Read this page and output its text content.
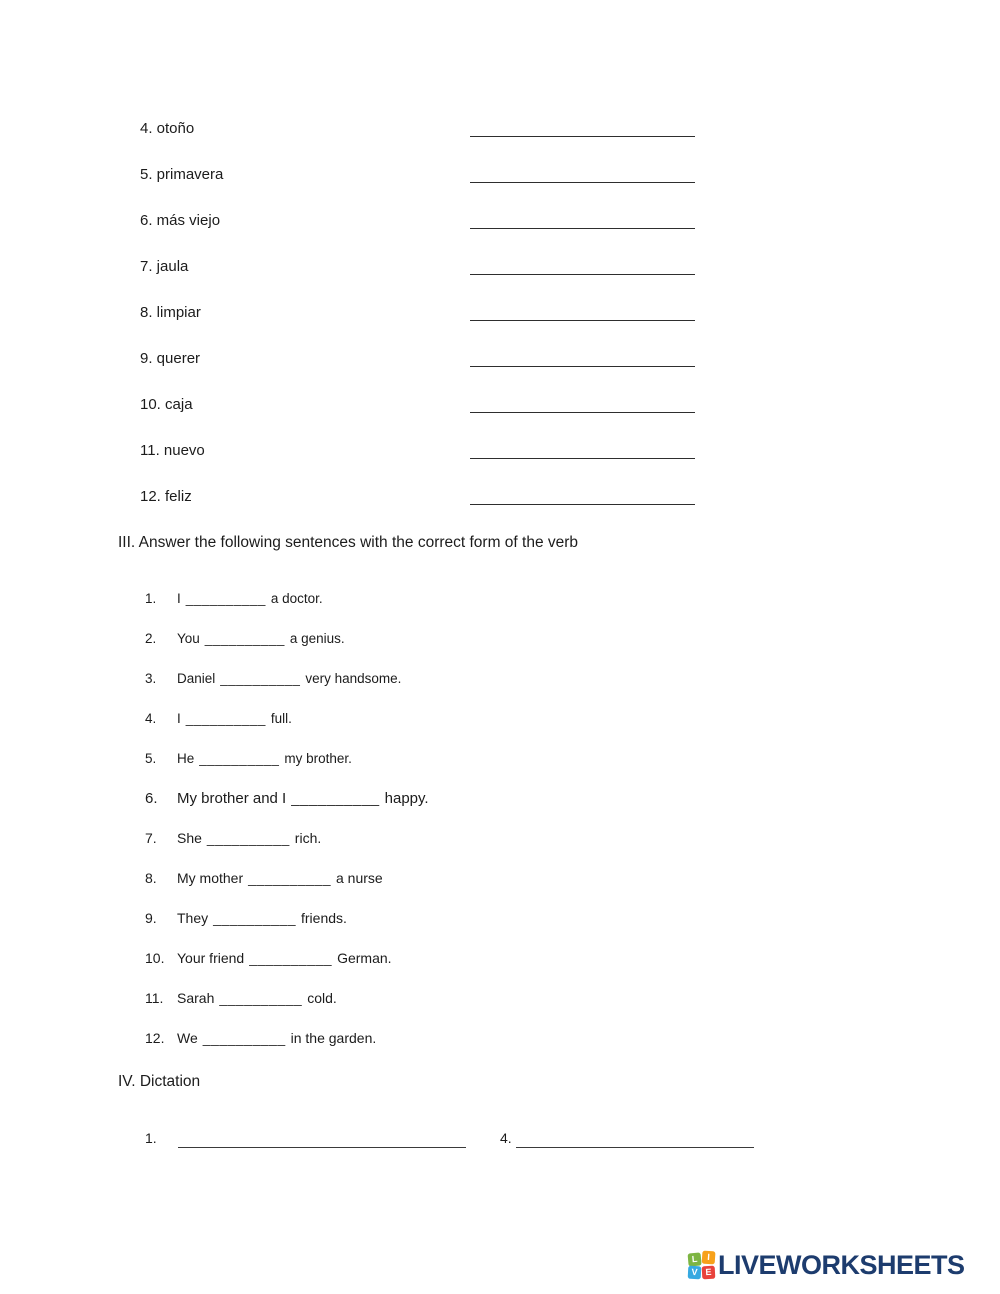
4. otoño
5. primavera
6. más viejo
7. jaula
8. limpiar
9. querer
10. caja
11. nuevo
12. feliz
III. Answer the following sentences with the correct form of the verb
1.	I __________ a doctor.
2.	You __________ a genius.
3.	Daniel __________ very handsome.
4.	I __________ full.
5.	He __________ my brother.
6.	My brother and I __________ happy.
7.	She __________ rich.
8.	My mother __________ a nurse
9.	They __________ friends.
10. Your friend __________ German.
11. Sarah __________ cold.
12. We __________ in the garden.
IV. Dictation
1.	4.
L	I
V E LIVEWORKSHEETS
